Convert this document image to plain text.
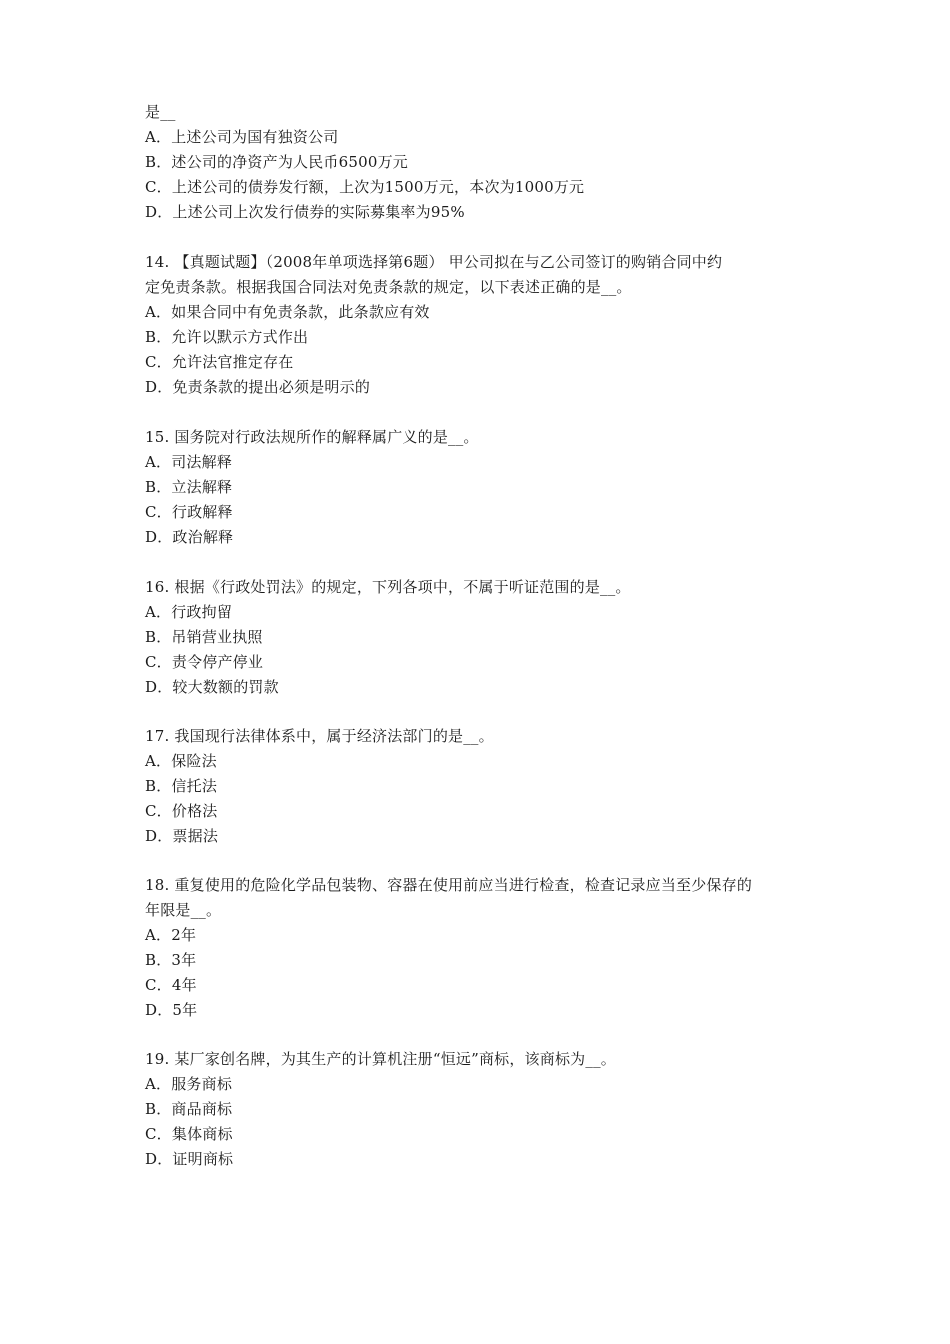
是__
A．上述公司为国有独资公司
B．述公司的净资产为人民币6500万元
C．上述公司的债券发行额，上次为1500万元，本次为1000万元
D．上述公司上次发行债券的实际募集率为95%
14. 【真题试题】（2008年单项选择第6题） 甲公司拟在与乙公司签订的购销合同中约
定免责条款。根据我国合同法对免责条款的规定，以下表述正确的是__。
A．如果合同中有免责条款，此条款应有效
B．允许以默示方式作出
C．允许法官推定存在
D．免责条款的提出必须是明示的
15. 国务院对行政法规所作的解释属广义的是__。
A．司法解释
B．立法解释
C．行政解释
D．政治解释
16. 根据《行政处罚法》的规定，下列各项中，不属于听证范围的是__。
A．行政拘留
B．吊销营业执照
C．责令停产停业
D．较大数额的罚款
17. 我国现行法律体系中，属于经济法部门的是__。
A．保险法
B．信托法
C．价格法
D．票据法
18. 重复使用的危险化学品包装物、容器在使用前应当进行检查，检查记录应当至少保存的
年限是__。
A．2年
B．3年
C．4年
D．5年
19. 某厂家创名牌，为其生产的计算机注册“恒远”商标，该商标为__。
A．服务商标
B．商品商标
C．集体商标
D．证明商标
